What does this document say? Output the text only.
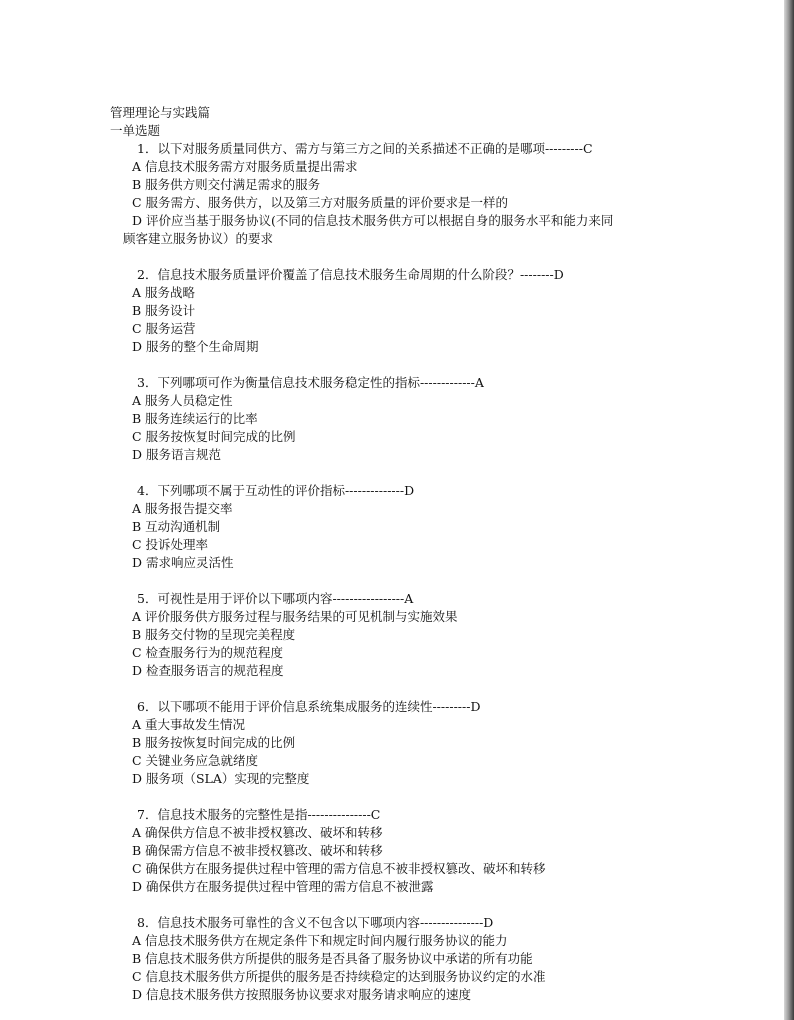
管理理论与实践篇
一单选题
1．以下对服务质量同供方、需方与第三方之间的关系描述不正确的是哪项---------C
A 信息技术服务需方对服务质量提出需求
B 服务供方则交付满足需求的服务
C 服务需方、服务供方，以及第三方对服务质量的评价要求是一样的
D 评价应当基于服务协议(不同的信息技术服务供方可以根据自身的服务水平和能力来同
顾客建立服务协议）的要求
2．信息技术服务质量评价覆盖了信息技术服务生命周期的什么阶段？--------D
A 服务战略
B 服务设计
C 服务运营
D 服务的整个生命周期
3．下列哪项可作为衡量信息技术服务稳定性的指标-------------A
A 服务人员稳定性
B 服务连续运行的比率
C 服务按恢复时间完成的比例
D 服务语言规范
4．下列哪项不属于互动性的评价指标--------------D
A 服务报告提交率
B 互动沟通机制
C 投诉处理率
D 需求响应灵活性
5．可视性是用于评价以下哪项内容-----------------A
A 评价服务供方服务过程与服务结果的可见机制与实施效果
B 服务交付物的呈现完美程度
C 检查服务行为的规范程度
D 检查服务语言的规范程度
6．以下哪项不能用于评价信息系统集成服务的连续性---------D
A 重大事故发生情况
B 服务按恢复时间完成的比例
C 关键业务应急就绪度
D 服务项（SLA）实现的完整度
7．信息技术服务的完整性是指---------------C
A 确保供方信息不被非授权篡改、破坏和转移
B 确保需方信息不被非授权篡改、破坏和转移
C 确保供方在服务提供过程中管理的需方信息不被非授权篡改、破坏和转移
D 确保供方在服务提供过程中管理的需方信息不被泄露
8．信息技术服务可靠性的含义不包含以下哪项内容---------------D
A 信息技术服务供方在规定条件下和规定时间内履行服务协议的能力
B 信息技术服务供方所提供的服务是否具备了服务协议中承诺的所有功能
C 信息技术服务供方所提供的服务是否持续稳定的达到服务协议约定的水准
D 信息技术服务供方按照服务协议要求对服务请求响应的速度
